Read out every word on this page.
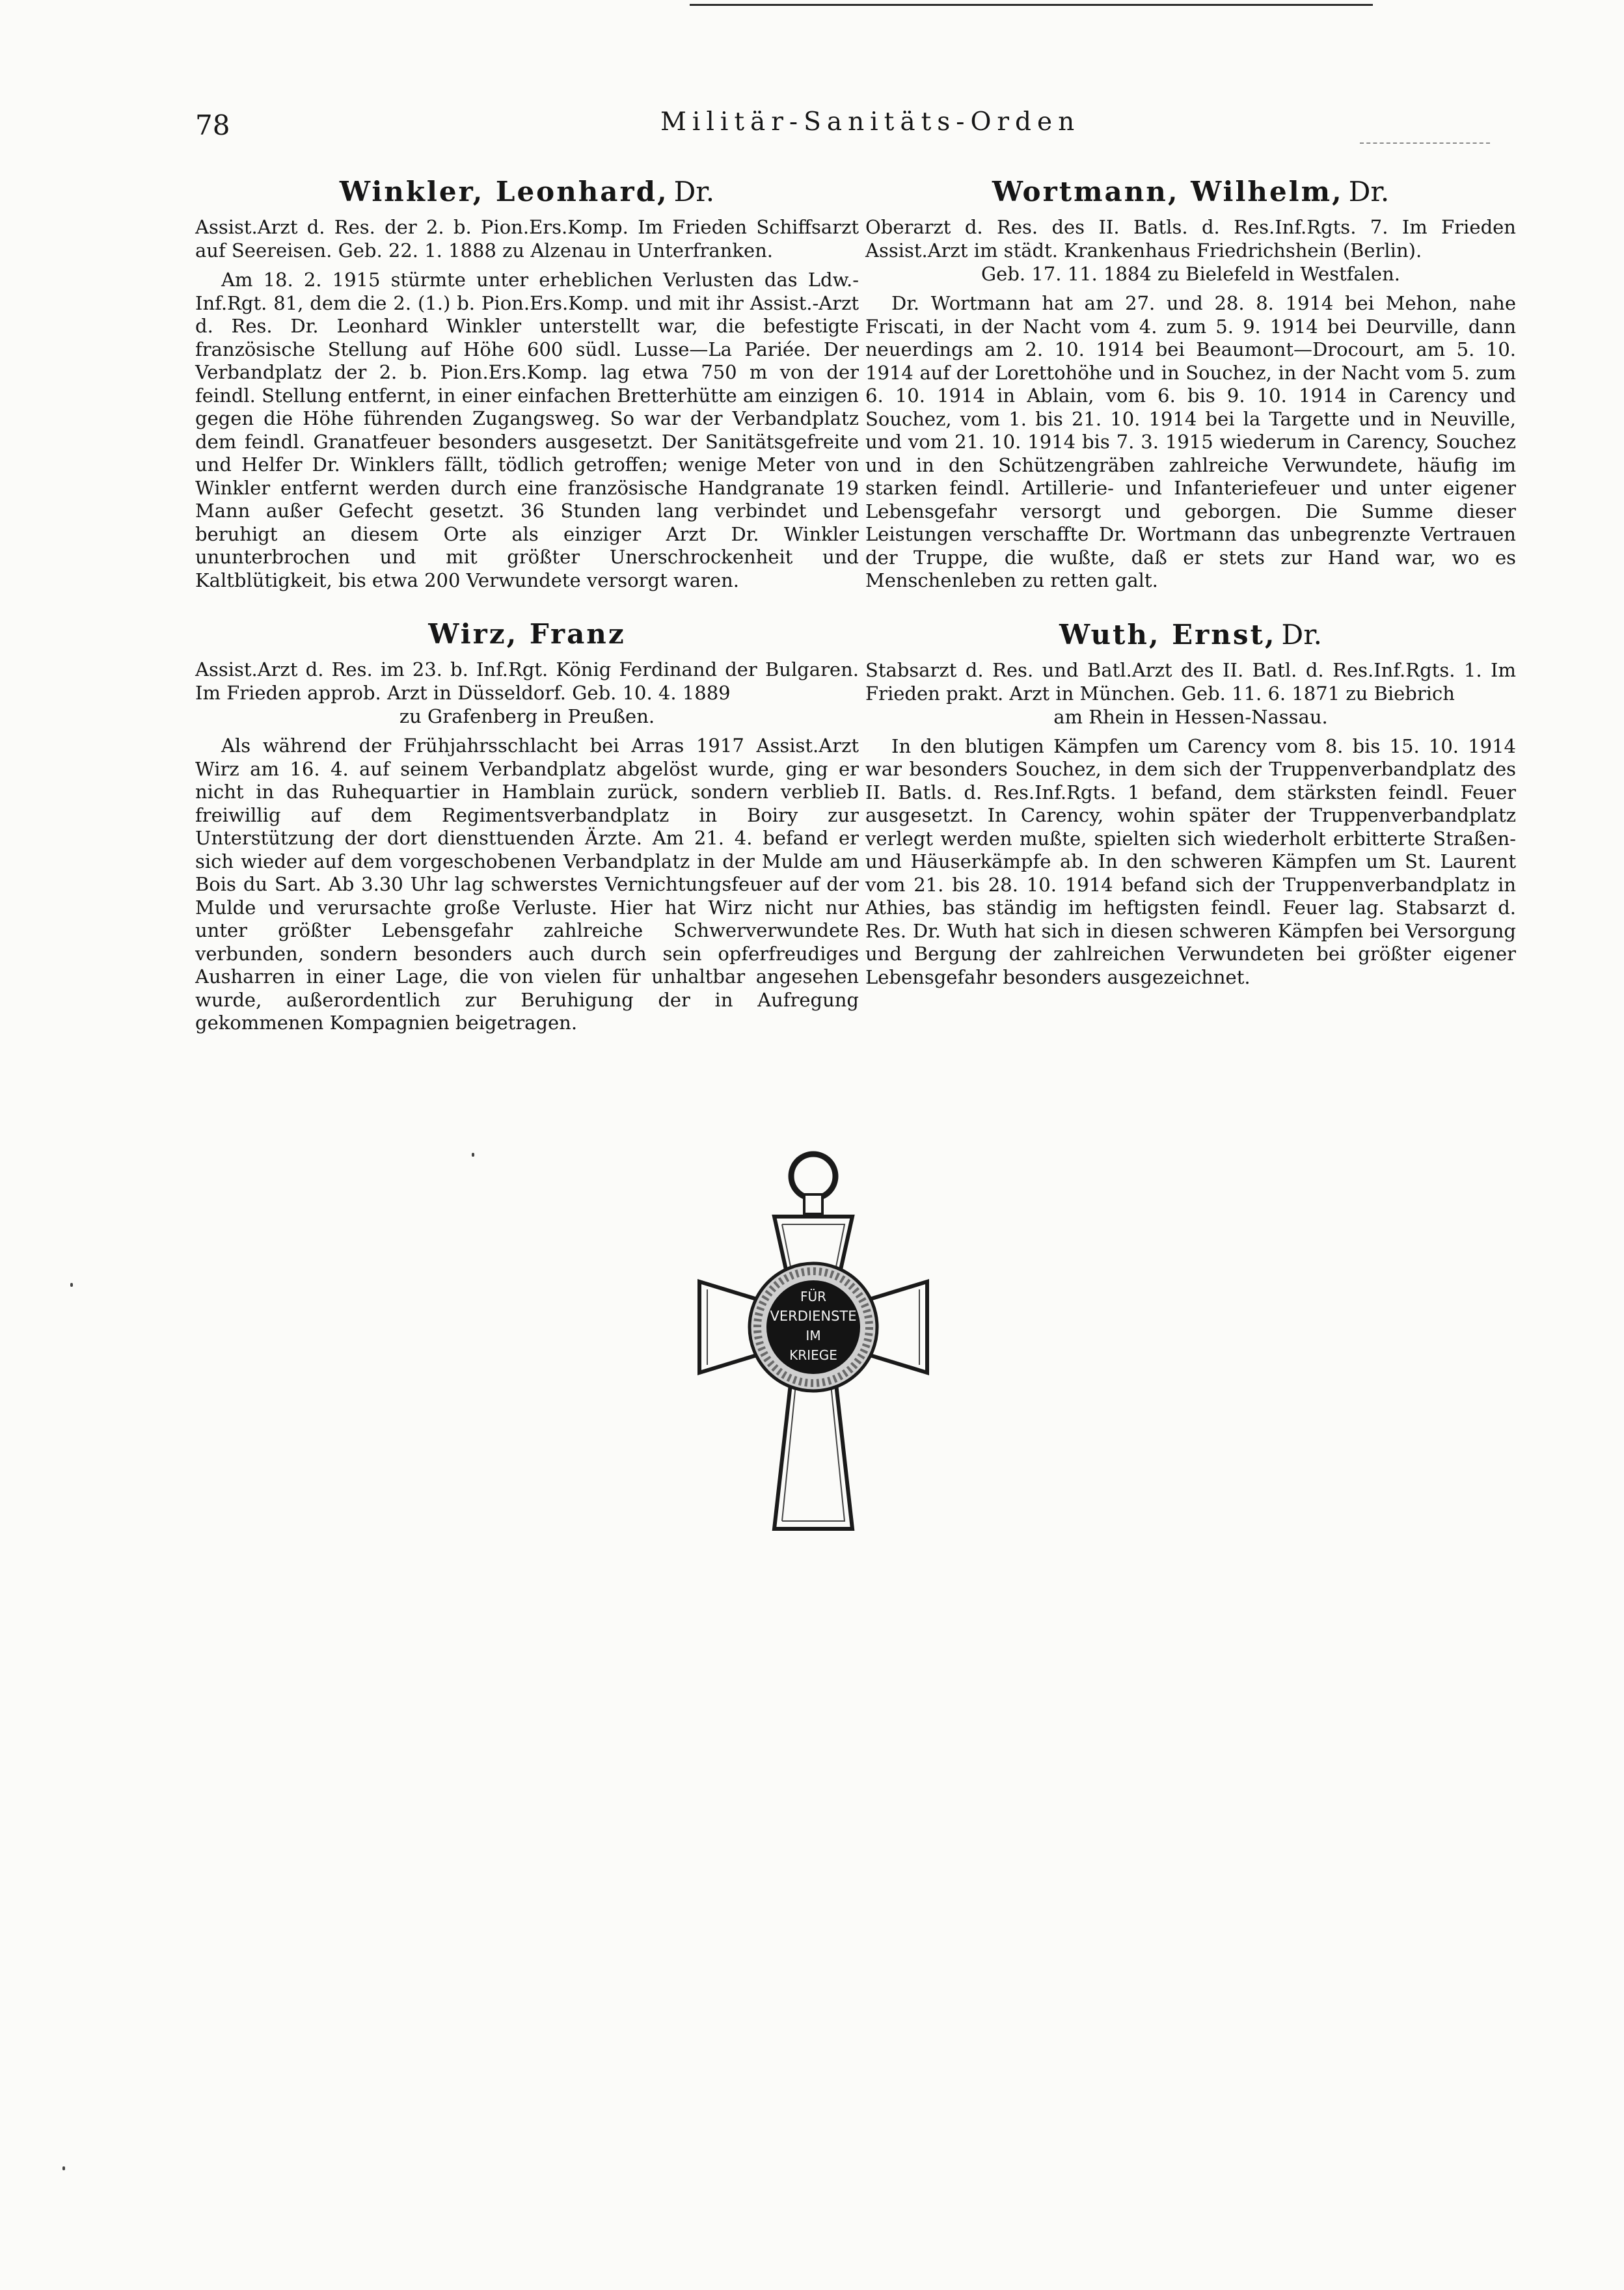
78	Militär-Sanitäts-Orden
Winkler, Leonhard, Dr.

Assist.Arzt d. Res. der 2. b. Pion.Ers.Komp. Im Frieden Schiffsarzt auf Seereisen. Geb. 22. 1. 1888 zu Alzenau in Unterfranken.

Am 18. 2. 1915 stürmte unter erheblichen Verlusten das Ldw.-Inf.Rgt. 81, dem die 2. (1.) b. Pion.Ers.Komp. und mit ihr Assist.-Arzt d. Res. Dr. Leonhard Winkler unterstellt war, die befestigte französische Stellung auf Höhe 600 südl. Lusse—La Pariée. Der Verbandplatz der 2. b. Pion.Ers.Komp. lag etwa 750 m von der feindl. Stellung entfernt, in einer einfachen Bretterhütte am einzigen gegen die Höhe führenden Zugangsweg. So war der Verbandplatz dem feindl. Granatfeuer besonders ausgesetzt. Der Sanitätsgefreite und Helfer Dr. Winklers fällt, tödlich getroffen; wenige Meter von Winkler entfernt werden durch eine französische Handgranate 19 Mann außer Gefecht gesetzt. 36 Stunden lang verbindet und beruhigt an diesem Orte als einziger Arzt Dr. Winkler ununterbrochen und mit größter Unerschrockenheit und Kaltblütigkeit, bis etwa 200 Verwundete versorgt waren.

Wirz, Franz

Assist.Arzt d. Res. im 23. b. Inf.Rgt. König Ferdinand der Bulgaren. Im Frieden approb. Arzt in Düsseldorf. Geb. 10. 4. 1889
zu Grafenberg in Preußen.

Als während der Frühjahrsschlacht bei Arras 1917 Assist.Arzt Wirz am 16. 4. auf seinem Verbandplatz abgelöst wurde, ging er nicht in das Ruhequartier in Hamblain zurück, sondern verblieb freiwillig auf dem Regimentsverbandplatz in Boiry zur Unterstützung der dort diensttuenden Ärzte. Am 21. 4. befand er sich wieder auf dem vorgeschobenen Verbandplatz in der Mulde am Bois du Sart. Ab 3.30 Uhr lag schwerstes Vernichtungsfeuer auf der Mulde und verursachte große Verluste. Hier hat Wirz nicht nur unter größter Lebensgefahr zahlreiche Schwerverwundete verbunden, sondern besonders auch durch sein opferfreudiges Ausharren in einer Lage, die von vielen für unhaltbar angesehen wurde, außerordentlich zur Beruhigung der in Aufregung gekommenen Kompagnien beigetragen.

Wortmann, Wilhelm, Dr.

Oberarzt d. Res. des II. Batls. d. Res.Inf.Rgts. 7. Im Frieden Assist.Arzt im städt. Krankenhaus Friedrichshein (Berlin).
Geb. 17. 11. 1884 zu Bielefeld in Westfalen.

Dr. Wortmann hat am 27. und 28. 8. 1914 bei Mehon, nahe Friscati, in der Nacht vom 4. zum 5. 9. 1914 bei Deurville, dann neuerdings am 2. 10. 1914 bei Beaumont—Drocourt, am 5. 10. 1914 auf der Lorettohöhe und in Souchez, in der Nacht vom 5. zum 6. 10. 1914 in Ablain, vom 6. bis 9. 10. 1914 in Carency und Souchez, vom 1. bis 21. 10. 1914 bei la Targette und in Neuville, und vom 21. 10. 1914 bis 7. 3. 1915 wiederum in Carency, Souchez und in den Schützengräben zahlreiche Verwundete, häufig im starken feindl. Artillerie- und Infanteriefeuer und unter eigener Lebensgefahr versorgt und geborgen. Die Summe dieser Leistungen verschaffte Dr. Wortmann das unbegrenzte Vertrauen der Truppe, die wußte, daß er stets zur Hand war, wo es Menschenleben zu retten galt.

Wuth, Ernst, Dr.

Stabsarzt d. Res. und Batl.Arzt des II. Batl. d. Res.Inf.Rgts. 1. Im Frieden prakt. Arzt in München. Geb. 11. 6. 1871 zu Biebrich
am Rhein in Hessen-Nassau.

In den blutigen Kämpfen um Carency vom 8. bis 15. 10. 1914 war besonders Souchez, in dem sich der Truppenverbandplatz des II. Batls. d. Res.Inf.Rgts. 1 befand, dem stärksten feindl. Feuer ausgesetzt. In Carency, wohin später der Truppenverbandplatz verlegt werden mußte, spielten sich wiederholt erbitterte Straßen- und Häuserkämpfe ab. In den schweren Kämpfen um St. Laurent vom 21. bis 28. 10. 1914 befand sich der Truppenverbandplatz in Athies, bas ständig im heftigsten feindl. Feuer lag. Stabsarzt d. Res. Dr. Wuth hat sich in diesen schweren Kämpfen bei Versorgung und Bergung der zahlreichen Verwundeten bei größter eigener Lebensgefahr besonders ausgezeichnet.

FÜR
VERDIENSTE
IM
KRIEGE
